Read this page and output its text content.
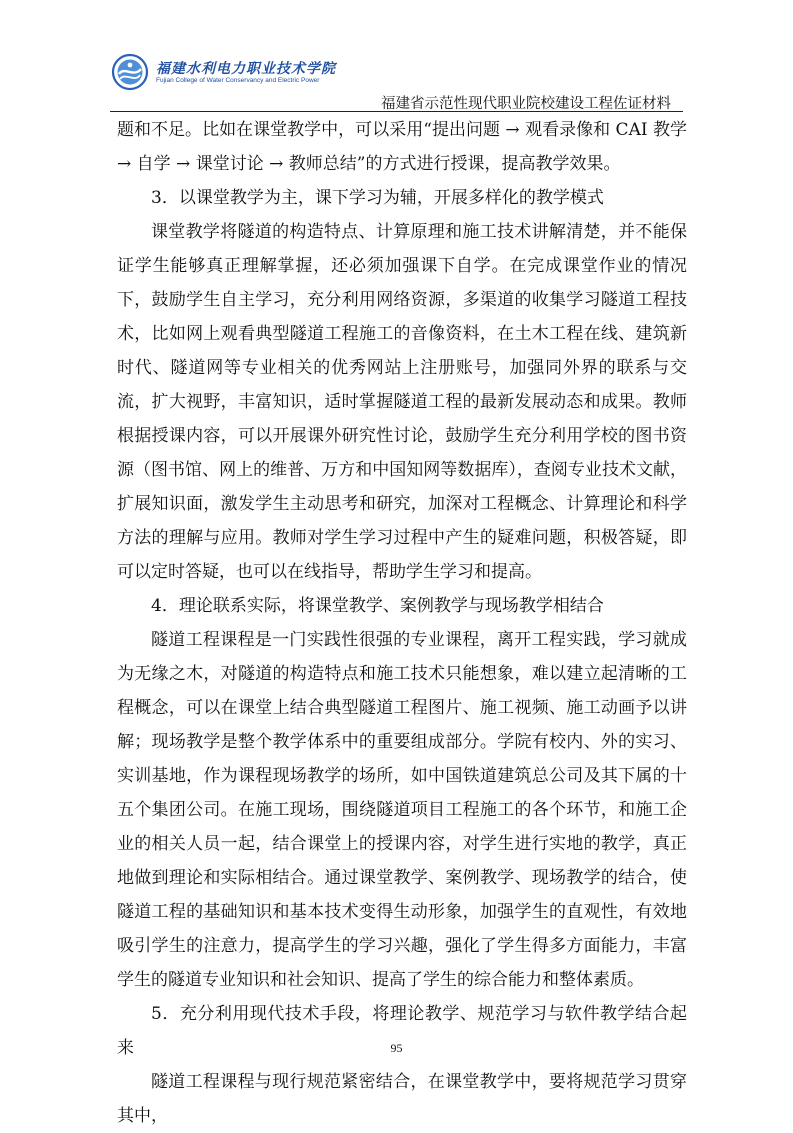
福建水利电力职业技术学院
Fujian College of Water Conservancy and Electric Power
福建省示范性现代职业院校建设工程佐证材料

题和不足。比如在课堂教学中，可以采用“提出问题 → 观看录像和 CAI 教学 → 自学 → 课堂讨论 → 教师总结”的方式进行授课，提高教学效果。

3．以课堂教学为主，课下学习为辅，开展多样化的教学模式

课堂教学将隧道的构造特点、计算原理和施工技术讲解清楚，并不能保证学生能够真正理解掌握，还必须加强课下自学。在完成课堂作业的情况下，鼓励学生自主学习，充分利用网络资源，多渠道的收集学习隧道工程技术，比如网上观看典型隧道工程施工的音像资料，在土木工程在线、建筑新时代、隧道网等专业相关的优秀网站上注册账号，加强同外界的联系与交流，扩大视野，丰富知识，适时掌握隧道工程的最新发展动态和成果。教师根据授课内容，可以开展课外研究性讨论，鼓励学生充分利用学校的图书资源（图书馆、网上的维普、万方和中国知网等数据库），查阅专业技术文献，扩展知识面，激发学生主动思考和研究，加深对工程概念、计算理论和科学方法的理解与应用。教师对学生学习过程中产生的疑难问题，积极答疑，即可以定时答疑，也可以在线指导，帮助学生学习和提高。

4．理论联系实际，将课堂教学、案例教学与现场教学相结合

隧道工程课程是一门实践性很强的专业课程，离开工程实践，学习就成为无缘之木，对隧道的构造特点和施工技术只能想象，难以建立起清晰的工程概念，可以在课堂上结合典型隧道工程图片、施工视频、施工动画予以讲解；现场教学是整个教学体系中的重要组成部分。学院有校内、外的实习、实训基地，作为课程现场教学的场所，如中国铁道建筑总公司及其下属的十五个集团公司。在施工现场，围绕隧道项目工程施工的各个环节，和施工企业的相关人员一起，结合课堂上的授课内容，对学生进行实地的教学，真正地做到理论和实际相结合。通过课堂教学、案例教学、现场教学的结合，使隧道工程的基础知识和基本技术变得生动形象，加强学生的直观性，有效地吸引学生的注意力，提高学生的学习兴趣，强化了学生得多方面能力，丰富学生的隧道专业知识和社会知识、提高了学生的综合能力和整体素质。

5．充分利用现代技术手段，将理论教学、规范学习与软件教学结合起来

隧道工程课程与现行规范紧密结合，在课堂教学中，要将规范学习贯穿其中，

95
